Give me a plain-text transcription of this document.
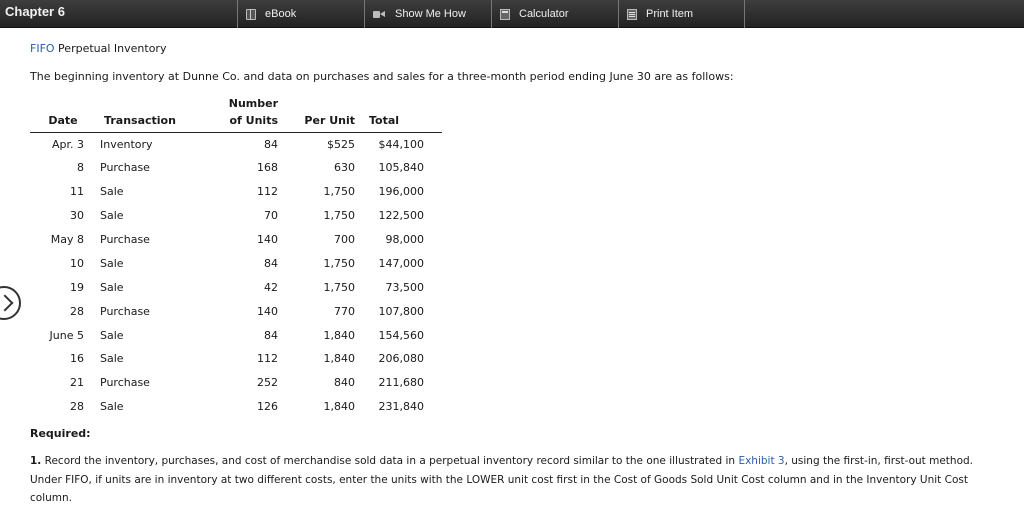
Chapter 6	eBook	Show Me How	Calculator	Print Item
FIFO Perpetual Inventory
The beginning inventory at Dunne Co. and data on purchases and sales for a three-month period ending June 30 are as follows:
		Number		
Date	Transaction	of Units	Per Unit	Total
Apr. 3	Inventory	84	$525	$44,100
8	Purchase	168	630	105,840
11	Sale	112	1,750	196,000
30	Sale	70	1,750	122,500
May 8	Purchase	140	700	98,000
10	Sale	84	1,750	147,000
19	Sale	42	1,750	73,500
28	Purchase	140	770	107,800
June 5	Sale	84	1,840	154,560
16	Sale	112	1,840	206,080
21	Purchase	252	840	211,680
28	Sale	126	1,840	231,840
Required:
1. Record the inventory, purchases, and cost of merchandise sold data in a perpetual inventory record similar to the one illustrated in Exhibit 3, using the first-in, first-out method. Under FIFO, if units are in inventory at two different costs, enter the units with the LOWER unit cost first in the Cost of Goods Sold Unit Cost column and in the Inventory Unit Cost column.
